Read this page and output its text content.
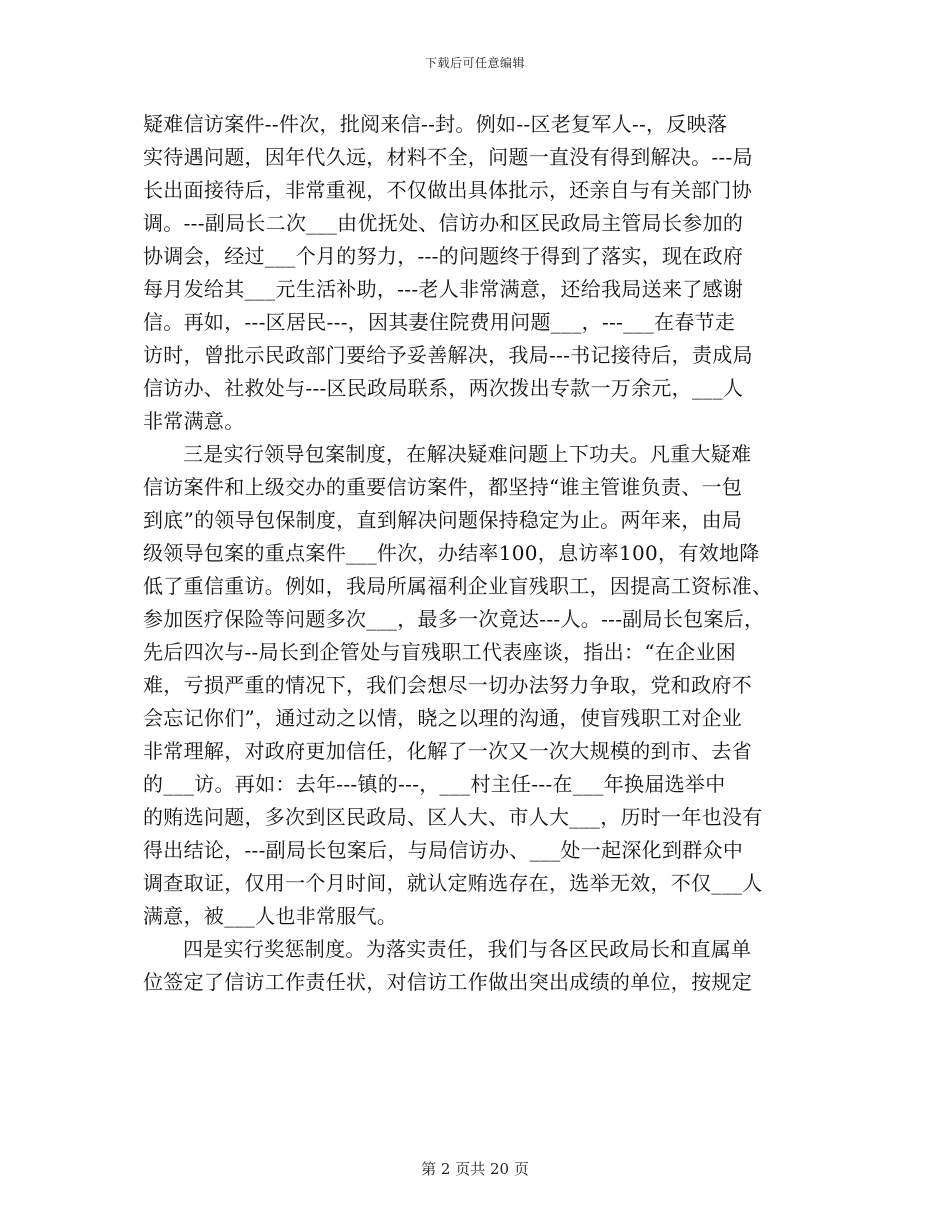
下载后可任意编辑
疑难信访案件--件次，批阅来信--封。例如--区老复军人--，反映落
实待遇问题，因年代久远，材料不全，问题一直没有得到解决。---局
长出面接待后，非常重视，不仅做出具体批示，还亲自与有关部门协
调。---副局长二次___由优抚处、信访办和区民政局主管局长参加的
协调会，经过___个月的努力，---的问题终于得到了落实，现在政府
每月发给其___元生活补助，---老人非常满意，还给我局送来了感谢
信。再如，---区居民---，因其妻住院费用问题___，---___在春节走
访时，曾批示民政部门要给予妥善解决，我局---书记接待后，责成局
信访办、社救处与---区民政局联系，两次拨出专款一万余元，___人
非常满意。
三是实行领导包案制度，在解决疑难问题上下功夫。凡重大疑难
信访案件和上级交办的重要信访案件，都坚持“谁主管谁负责、一包
到底”的领导包保制度，直到解决问题保持稳定为止。两年来，由局
级领导包案的重点案件___件次，办结率100，息访率100，有效地降
低了重信重访。例如，我局所属福利企业盲残职工，因提高工资标准、
参加医疗保险等问题多次___，最多一次竟达---人。---副局长包案后，
先后四次与--局长到企管处与盲残职工代表座谈，指出：“在企业困
难，亏损严重的情况下，我们会想尽一切办法努力争取，党和政府不
会忘记你们”，通过动之以情，晓之以理的沟通，使盲残职工对企业
非常理解，对政府更加信任，化解了一次又一次大规模的到市、去省
的___访。再如：去年---镇的---，___村主任---在___年换届选举中
的贿选问题，多次到区民政局、区人大、市人大___，历时一年也没有
得出结论，---副局长包案后，与局信访办、___处一起深化到群众中
调查取证，仅用一个月时间，就认定贿选存在，选举无效，不仅___人
满意，被___人也非常服气。
四是实行奖惩制度。为落实责任，我们与各区民政局长和直属单
位签定了信访工作责任状，对信访工作做出突出成绩的单位，按规定
第 2 页共 20 页
